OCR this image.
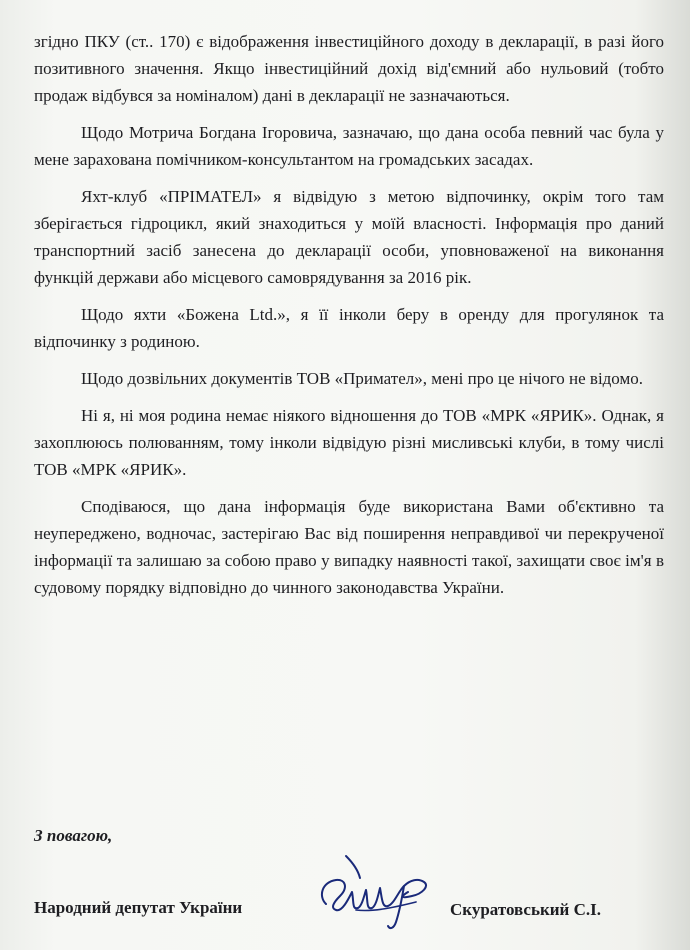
згідно ПКУ (ст.. 170) є відображення інвестиційного доходу в декларації, в разі його позитивного значення. Якщо інвестиційний дохід від'ємний або нульовий (тобто продаж відбувся за номіналом) дані в декларації не зазначаються.

Щодо Мотрича Богдана Ігоровича, зазначаю, що дана особа певний час була у мене зарахована помічником-консультантом на громадських засадах.

Яхт-клуб «ПРІМАТЕЛ» я відвідую з метою відпочинку, окрім того там зберігається гідроцикл, який знаходиться у моїй власності. Інформація про даний транспортний засіб занесена до декларації особи, уповноваженої на виконання функцій держави або місцевого самоврядування за 2016 рік.

Щодо яхти «Божена Ltd.», я її інколи беру в оренду для прогулянок та відпочинку з родиною.

Щодо дозвільних документів ТОВ «Примател», мені про це нічого не відомо.

Ні я, ні моя родина немає ніякого відношення до ТОВ «МРК «ЯРИК». Однак, я захоплююсь полюванням, тому інколи відвідую різні мисливські клуби, в тому числі ТОВ «МРК «ЯРИК».

Сподіваюся, що дана інформація буде використана Вами об'єктивно та неупереджено, водночас, застерігаю Вас від поширення неправдивої чи перекрученої інформації та залишаю за собою право у випадку наявності такої, захищати своє ім'я в судовому порядку відповідно до чинного законодавства України.

З повагою,
Народний депутат України	Скуратовський С.І.
